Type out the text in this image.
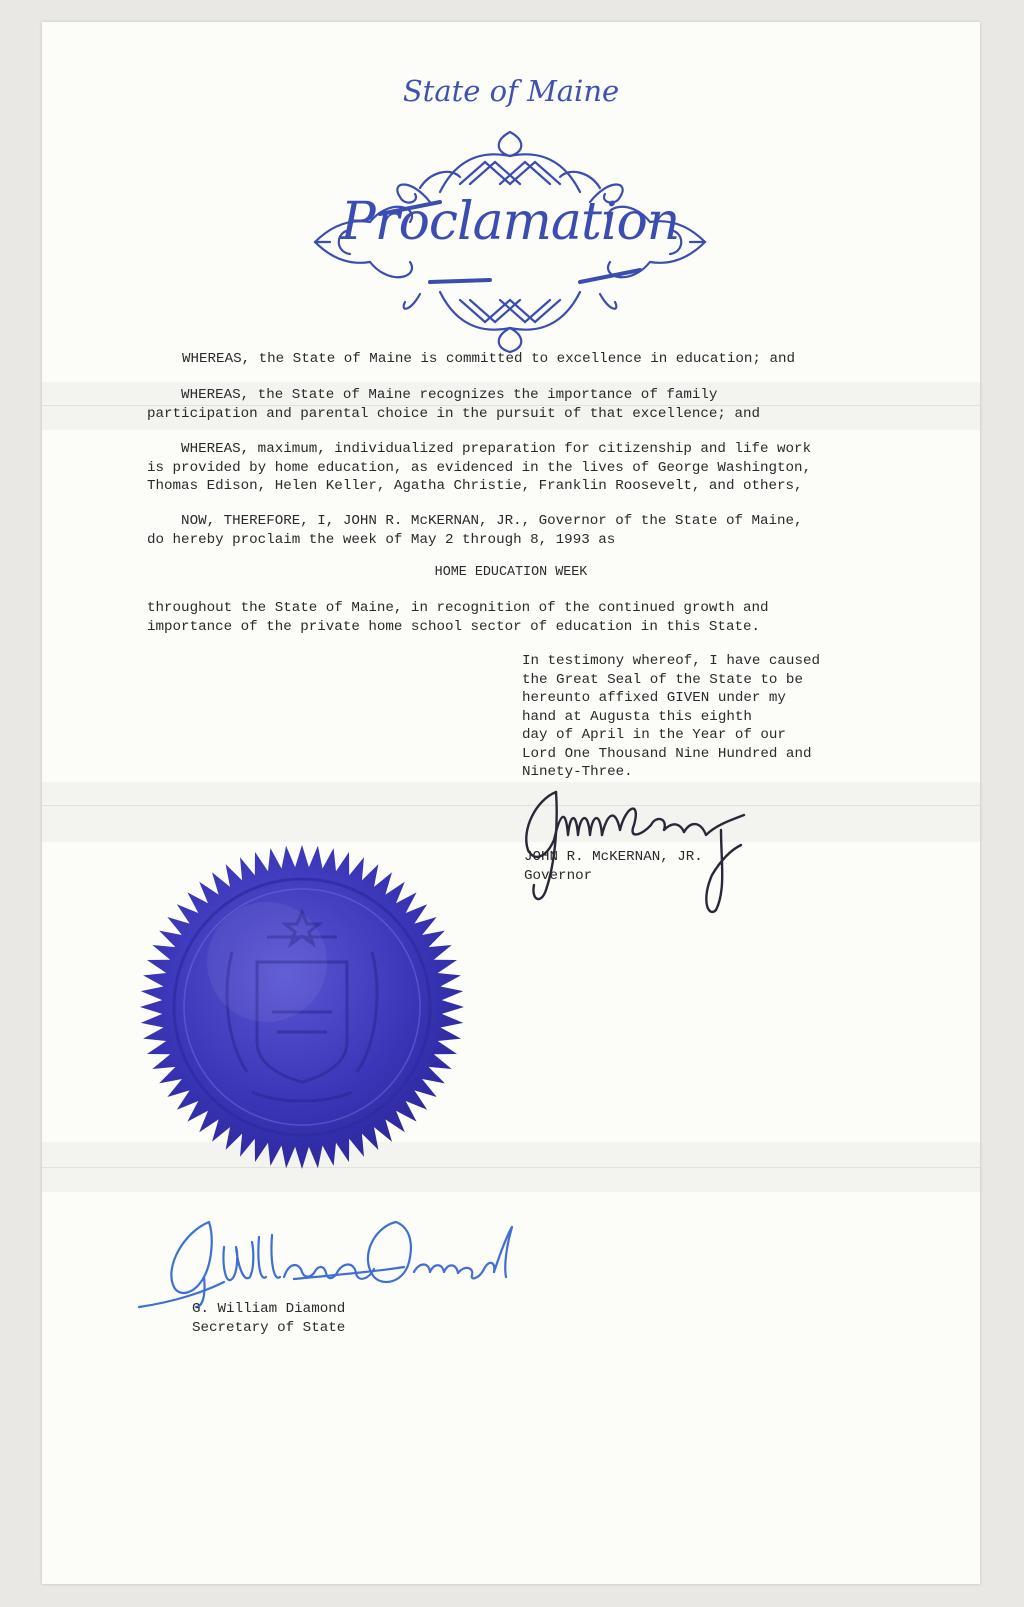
State of Maine
Proclamation
WHEREAS, the State of Maine is committed to excellence in education; and
WHEREAS, the State of Maine recognizes the importance of family
participation and parental choice in the pursuit of that excellence; and
WHEREAS, maximum, individualized preparation for citizenship and life work
is provided by home education, as evidenced in the lives of George Washington,
Thomas Edison, Helen Keller, Agatha Christie, Franklin Roosevelt, and others,
NOW, THEREFORE, I, JOHN R. McKERNAN, JR., Governor of the State of Maine,
do hereby proclaim the week of May 2 through 8, 1993 as
HOME EDUCATION WEEK
throughout the State of Maine, in recognition of the continued growth and
importance of the private home school sector of education in this State.
In testimony whereof, I have caused
the Great Seal of the State to be
hereunto affixed GIVEN under my
hand at Augusta this eighth
day of April in the Year of our
Lord One Thousand Nine Hundred and
Ninety-Three.
JOHN R. McKERNAN, JR.
Governor
G. William Diamond
Secretary of State
